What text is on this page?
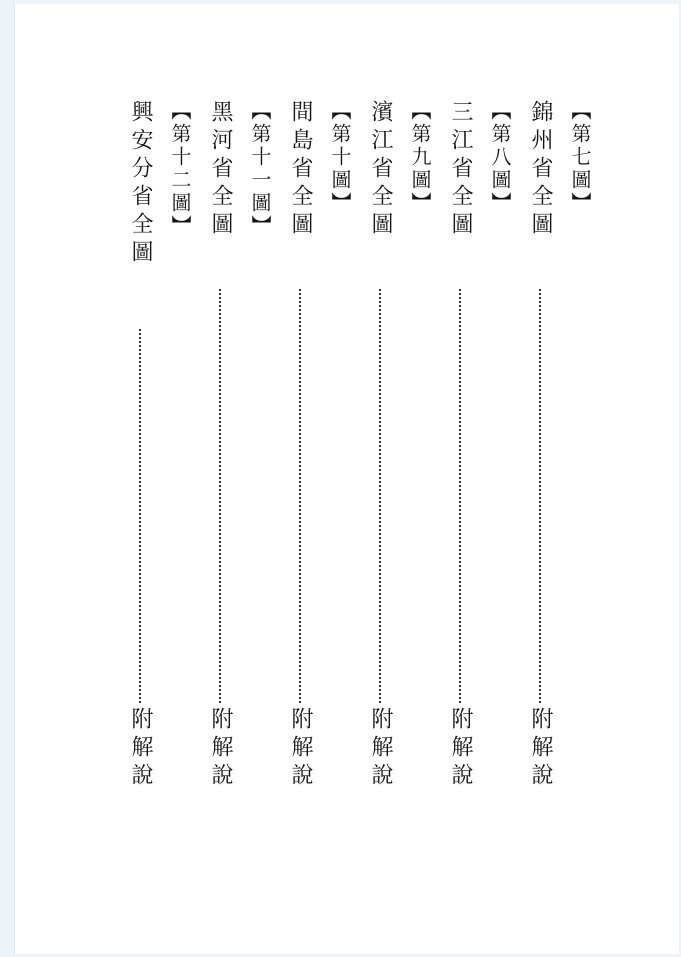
【第七圖】
錦州省全圖
附解說
【第八圖】
三江省全圖
附解說
【第九圖】
濱江省全圖
附解說
【第十圖】
間島省全圖
附解說
【第十一圖】
黑河省全圖
附解說
【第十二圖】
興安分省全圖
附解說
